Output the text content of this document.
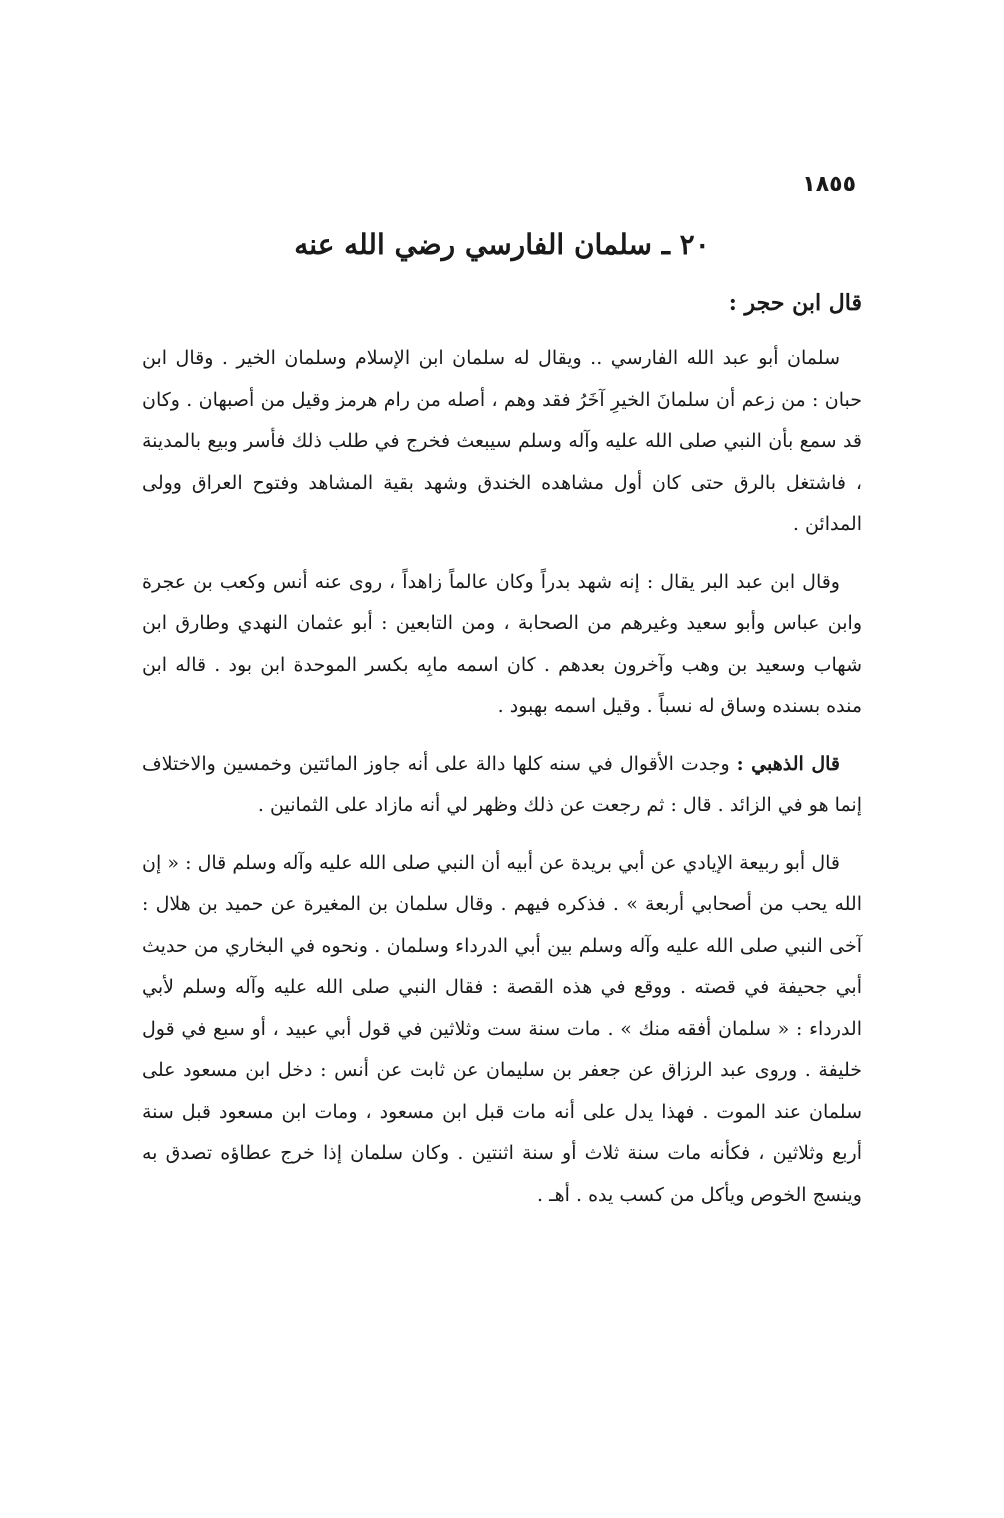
١٨٥٥
٢٠ ـ سلمان الفارسي رضي الله عنه
قال ابن حجر :

سلمان أبو عبد الله الفارسي .. ويقال له سلمان ابن الإسلام وسلمان الخير . وقال ابن حبان : من زعم أن سلمانَ الخيرِ آخَرُ فقد وهم ، أصله من رام هرمز وقيل من أصبهان . وكان قد سمع بأن النبي صلى الله عليه وآله وسلم سيبعث فخرج في طلب ذلك فأسر وبيع بالمدينة ، فاشتغل بالرق حتى كان أول مشاهده الخندق وشهد بقية المشاهد وفتوح العراق وولى المدائن .

وقال ابن عبد البر يقال : إنه شهد بدراً وكان عالماً زاهداً ، روى عنه أنس وكعب بن عجرة وابن عباس وأبو سعيد وغيرهم من الصحابة ، ومن التابعين : أبو عثمان النهدي وطارق ابن شهاب وسعيد بن وهب وآخرون بعدهم . كان اسمه مابِه بكسر الموحدة ابن بود . قاله ابن منده بسنده وساق له نسباً . وقيل اسمه بهبود .

قال الذهبي : وجدت الأقوال في سنه كلها دالة على أنه جاوز المائتين وخمسين والاختلاف إنما هو في الزائد . قال : ثم رجعت عن ذلك وظهر لي أنه مازاد على الثمانين .

قال أبو ربيعة الإيادي عن أبي بريدة عن أبيه أن النبي صلى الله عليه وآله وسلم قال : « إن الله يحب من أصحابي أربعة » . فذكره فيهم . وقال سلمان بن المغيرة عن حميد بن هلال : آخى النبي صلى الله عليه وآله وسلم بين أبي الدرداء وسلمان . ونحوه في البخاري من حديث أبي جحيفة في قصته . ووقع في هذه القصة : فقال النبي صلى الله عليه وآله وسلم لأبي الدرداء : « سلمان أفقه منك » . مات سنة ست وثلاثين في قول أبي عبيد ، أو سبع في قول خليفة . وروى عبد الرزاق عن جعفر بن سليمان عن ثابت عن أنس : دخل ابن مسعود على سلمان عند الموت . فهذا يدل على أنه مات قبل ابن مسعود ، ومات ابن مسعود قبل سنة أربع وثلاثين ، فكأنه مات سنة ثلاث أو سنة اثنتين . وكان سلمان إذا خرج عطاؤه تصدق به وينسج الخوص ويأكل من كسب يده . أهـ .
